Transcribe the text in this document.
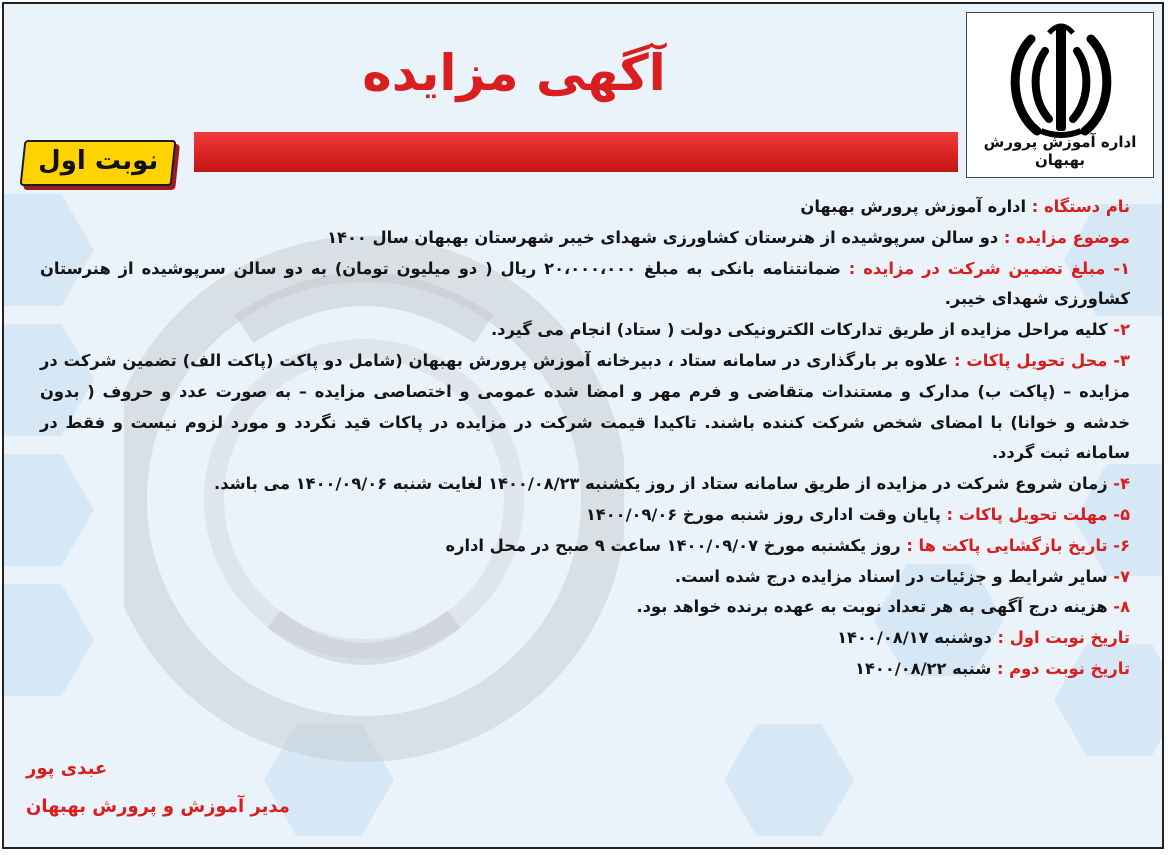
اداره آموزش پرورش بهبهان
آگهی مزایده
نوبت اول

نام دستگاه : اداره آموزش پرورش بهبهان

موضوع مزایده : دو سالن سرپوشیده از هنرستان کشاورزی شهدای خیبر شهرستان بهبهان سال ۱۴۰۰

۱- مبلغ تضمین شرکت در مزایده : ضمانتنامه بانکی به مبلغ ۲۰،۰۰۰،۰۰۰ ریال ( دو میلیون تومان) به دو سالن سرپوشیده از هنرستان کشاورزی شهدای خیبر.

۲- کلیه مراحل مزایده از طریق تدارکات الکترونیکی دولت ( ستاد) انجام می گیرد.

۳- محل تحویل پاکات : علاوه بر بارگذاری در سامانه ستاد ، دبیرخانه آموزش پرورش بهبهان (شامل دو پاکت (پاکت الف) تضمین شرکت در مزایده – (پاکت ب) مدارک و مستندات متقاضی و فرم مهر و امضا شده عمومی و اختصاصی مزایده – به صورت عدد و حروف ( بدون خدشه و خوانا) با امضای شخص شرکت کننده باشند. تاکیدا قیمت شرکت در مزایده در پاکات قید نگردد و مورد لزوم نیست و فقط در سامانه ثبت گردد.

۴- زمان شروع شرکت در مزایده از طریق سامانه ستاد از روز یکشنبه ۱۴۰۰/۰۸/۲۳ لغایت شنبه ۱۴۰۰/۰۹/۰۶ می باشد.

۵- مهلت تحویل پاکات : پایان وقت اداری روز شنبه مورخ ۱۴۰۰/۰۹/۰۶

۶- تاریخ بازگشایی پاکت ها : روز یکشنبه مورخ ۱۴۰۰/۰۹/۰۷ ساعت ۹ صبح در محل اداره

۷- سایر شرایط و جزئیات در اسناد مزایده درج شده است.

۸- هزینه درج آگهی به هر تعداد نوبت به عهده برنده خواهد بود.

تاریخ نوبت اول : دوشنبه ۱۴۰۰/۰۸/۱۷

تاریخ نوبت دوم : شنبه ۱۴۰۰/۰۸/۲۲

عبدی پور
مدیر آموزش و پرورش بهبهان
